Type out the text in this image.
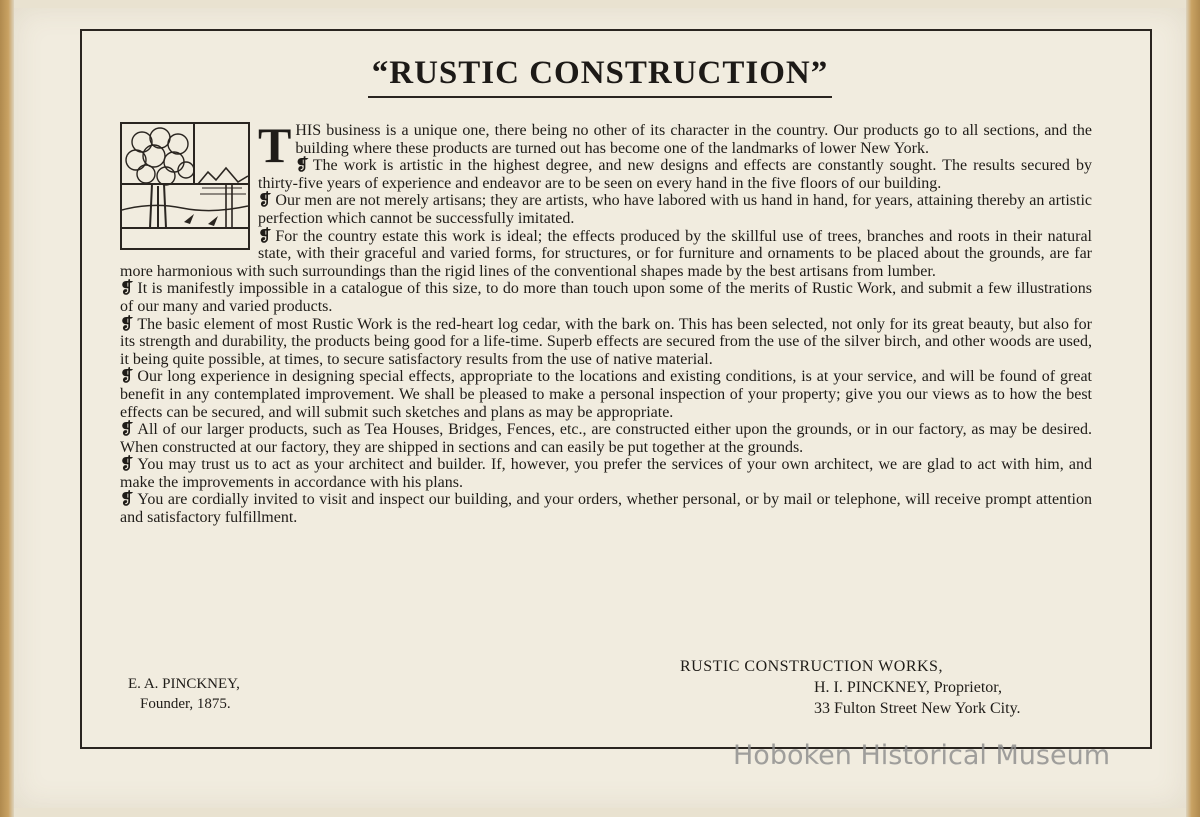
“RUSTIC CONSTRUCTION”
T HIS business is a unique one, there being no other of its character in the country. Our products go to all sections, and the building where these products are turned out has become one of the landmarks of lower New York.

❡ The work is artistic in the highest degree, and new designs and effects are constantly sought. The results secured by thirty-five years of experience and endeavor are to be seen on every hand in the five floors of our building.

❡ Our men are not merely artisans; they are artists, who have labored with us hand in hand, for years, attaining thereby an artistic perfection which cannot be successfully imitated.

❡ For the country estate this work is ideal; the effects produced by the skillful use of trees, branches and roots in their natural state, with their graceful and varied forms, for structures, or for furniture and ornaments to be placed about the grounds, are far more harmonious with such surroundings than the rigid lines of the conventional shapes made by the best artisans from lumber.

❡ It is manifestly impossible in a catalogue of this size, to do more than touch upon some of the merits of Rustic Work, and submit a few illustrations of our many and varied products.

❡ The basic element of most Rustic Work is the red-heart log cedar, with the bark on. This has been selected, not only for its great beauty, but also for its strength and durability, the products being good for a life-time. Superb effects are secured from the use of the silver birch, and other woods are used, it being quite possible, at times, to secure satisfactory results from the use of native material.

❡ Our long experience in designing special effects, appropriate to the locations and existing conditions, is at your service, and will be found of great benefit in any contemplated improvement. We shall be pleased to make a personal inspection of your property; give you our views as to how the best effects can be secured, and will submit such sketches and plans as may be appropriate.

❡ All of our larger products, such as Tea Houses, Bridges, Fences, etc., are constructed either upon the grounds, or in our factory, as may be desired. When constructed at our factory, they are shipped in sections and can easily be put together at the grounds.

❡ You may trust us to act as your architect and builder. If, however, you prefer the services of your own architect, we are glad to act with him, and make the improvements in accordance with his plans.

❡ You are cordially invited to visit and inspect our building, and your orders, whether personal, or by mail or telephone, will receive prompt attention and satisfactory fulfillment.

E. A. PINCKNEY,
Founder, 1875.
RUSTIC CONSTRUCTION WORKS,
H. I. PINCKNEY, Proprietor,
33 Fulton Street New York City.
Hoboken Historical Museum
